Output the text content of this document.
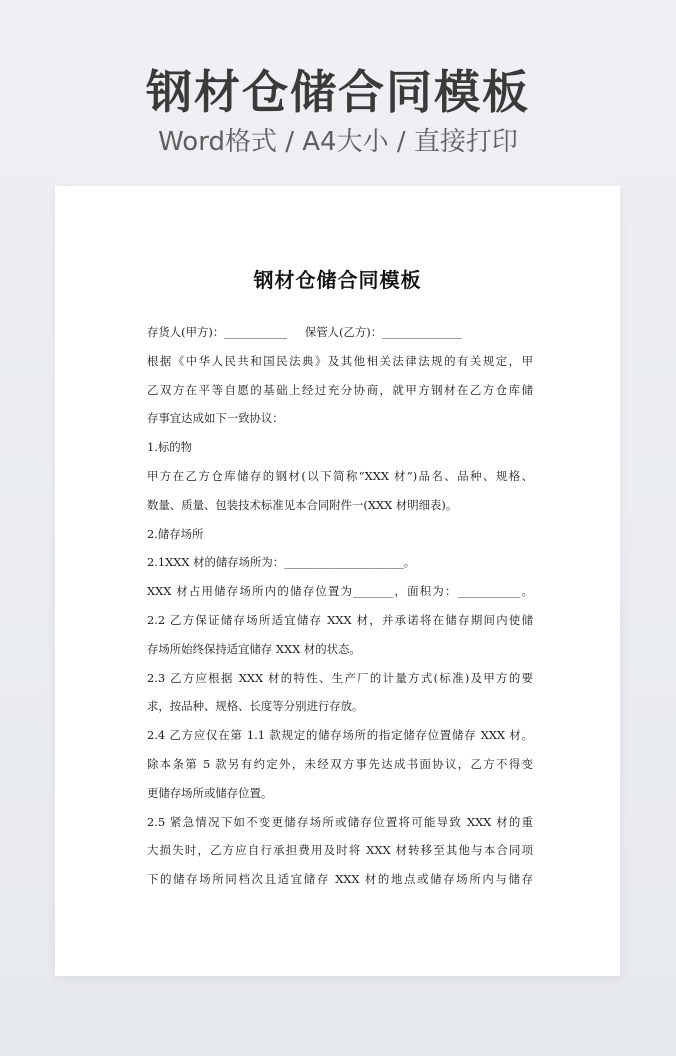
钢材仓储合同模板
Word格式 / A4大小 / 直接打印
钢材仓储合同模板
存货人(甲方)：___________ 保管人(乙方)：______________
根据《中华人民共和国民法典》及其他相关法律法规的有关规定，甲
乙双方在平等自愿的基础上经过充分协商，就甲方钢材在乙方仓库储
存事宜达成如下一致协议：
1.标的物
甲方在乙方仓库储存的钢材(以下简称“XXX 材”)品名、品种、规格、
数量、质量、包装技术标准见本合同附件一(XXX 材明细表)。
2.储存场所
2.1XXX 材的储存场所为：_____________________。
XXX 材占用储存场所内的储存位置为_______，面积为：___________。
2.2 乙方保证储存场所适宜储存 XXX 材，并承诺将在储存期间内使储
存场所始终保持适宜储存 XXX 材的状态。
2.3 乙方应根据 XXX 材的特性、生产厂的计量方式(标准)及甲方的要
求，按品种、规格、长度等分别进行存放。
2.4 乙方应仅在第 1.1 款规定的储存场所的指定储存位置储存 XXX 材。
除本条第 5 款另有约定外，未经双方事先达成书面协议，乙方不得变
更储存场所或储存位置。
2.5 紧急情况下如不变更储存场所或储存位置将可能导致 XXX 材的重
大损失时，乙方应自行承担费用及时将 XXX 材转移至其他与本合同项
下的储存场所同档次且适宜储存 XXX 材的地点或储存场所内与储存
